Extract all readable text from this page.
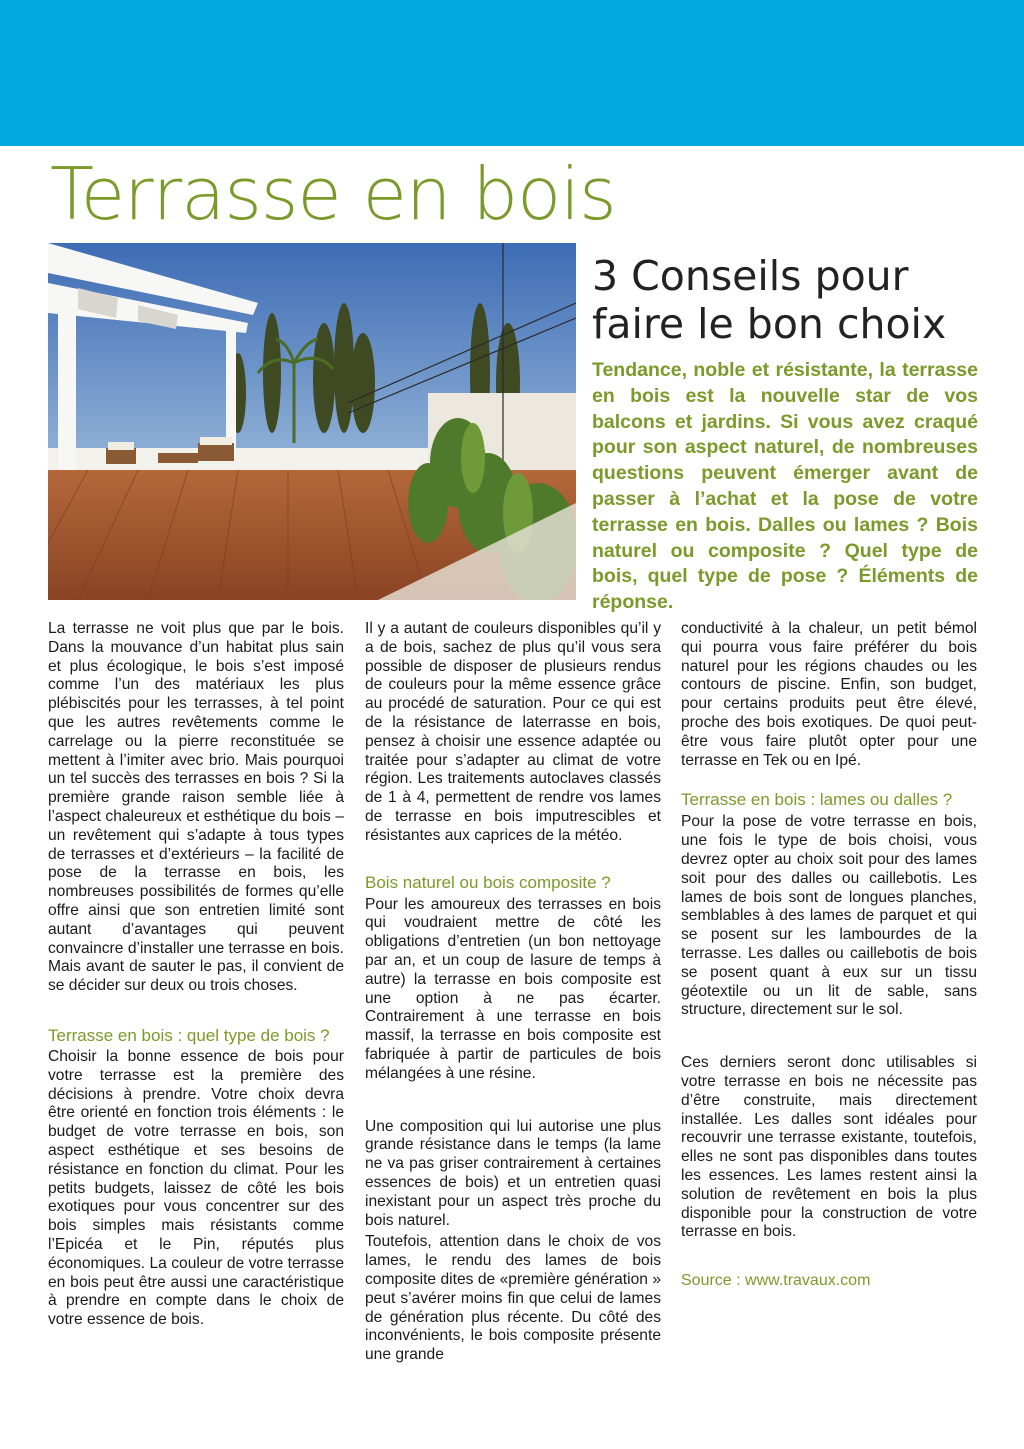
Terrasse en bois
3 Conseils pour
faire le bon choix

Tendance, noble et résistante, la terrasse en bois est la nouvelle star de vos balcons et jardins. Si vous avez craqué pour son aspect naturel, de nombreuses questions peuvent émerger avant de passer à l’achat et la pose de votre terrasse en bois. Dalles ou lames ? Bois naturel ou composite ? Quel type de bois, quel type de pose ? Éléments de réponse.

La terrasse ne voit plus que par le bois. Dans la mouvance d’un habitat plus sain et plus écologique, le bois s’est imposé comme l’un des matériaux les plus plébiscités pour les terrasses, à tel point que les autres revêtements comme le carrelage ou la pierre reconstituée se mettent à l’imiter avec brio. Mais pourquoi un tel succès des terrasses en bois ? Si la première grande raison semble liée à l’aspect chaleureux et esthétique du bois – un revêtement qui s’adapte à tous types de terrasses et d’extérieurs – la facilité de pose de la terrasse en bois, les nombreuses possibilités de formes qu’elle offre ainsi que son entretien limité sont autant d’avantages qui peuvent convaincre d’installer une terrasse en bois. Mais avant de sauter le pas, il convient de se décider sur deux ou trois choses.

Terrasse en bois : quel type de bois ?

Choisir la bonne essence de bois pour votre terrasse est la première des décisions à prendre. Votre choix devra être orienté en fonction trois éléments : le budget de votre terrasse en bois, son aspect esthétique et ses besoins de résistance en fonction du climat. Pour les petits budgets, laissez de côté les bois exotiques pour vous concentrer sur des bois simples mais résistants comme l’Epicéa et le Pin, réputés plus économiques. La couleur de votre terrasse en bois peut être aussi une caractéristique à prendre en compte dans le choix de votre essence de bois.

Il y a autant de couleurs disponibles qu’il y a de bois, sachez de plus qu’il vous sera possible de disposer de plusieurs rendus de couleurs pour la même essence grâce au procédé de saturation. Pour ce qui est de la résistance de laterrasse en bois, pensez à choisir une essence adaptée ou traitée pour s’adapter au climat de votre région. Les traitements autoclaves classés de 1 à 4, permettent de rendre vos lames de terrasse en bois imputrescibles et résistantes aux caprices de la météo.

Bois naturel ou bois composite ?

Pour les amoureux des terrasses en bois qui voudraient mettre de côté les obligations d’entretien (un bon nettoyage par an, et un coup de lasure de temps à autre) la terrasse en bois composite est une option à ne pas écarter. Contrairement à une terrasse en bois massif, la terrasse en bois composite est fabriquée à partir de particules de bois mélangées à une résine.

Une composition qui lui autorise une plus grande résistance dans le temps (la lame ne va pas griser contrairement à certaines essences de bois) et un entretien quasi inexistant pour un aspect très proche du bois naturel.

Toutefois, attention dans le choix de vos lames, le rendu des lames de bois composite dites de «première génération » peut s’avérer moins fin que celui de lames de génération plus récente. Du côté des inconvénients, le bois composite présente une grande

conductivité à la chaleur, un petit bémol qui pourra vous faire préférer du bois naturel pour les régions chaudes ou les contours de piscine. Enfin, son budget, pour certains produits peut être élevé, proche des bois exotiques. De quoi peut-être vous faire plutôt opter pour une terrasse en Tek ou en Ipé.

Terrasse en bois : lames ou dalles ?

Pour la pose de votre terrasse en bois, une fois le type de bois choisi, vous devrez opter au choix soit pour des lames soit pour des dalles ou caillebotis. Les lames de bois sont de longues planches, semblables à des lames de parquet et qui se posent sur les lambourdes de la terrasse. Les dalles ou caillebotis de bois se posent quant à eux sur un tissu géotextile ou un lit de sable, sans structure, directement sur le sol.

Ces derniers seront donc utilisables si votre terrasse en bois ne nécessite pas d’être construite, mais directement installée. Les dalles sont idéales pour recouvrir une terrasse existante, toutefois, elles ne sont pas disponibles dans toutes les essences. Les lames restent ainsi la solution de revêtement en bois la plus disponible pour la construction de votre terrasse en bois.

Source : www.travaux.com
